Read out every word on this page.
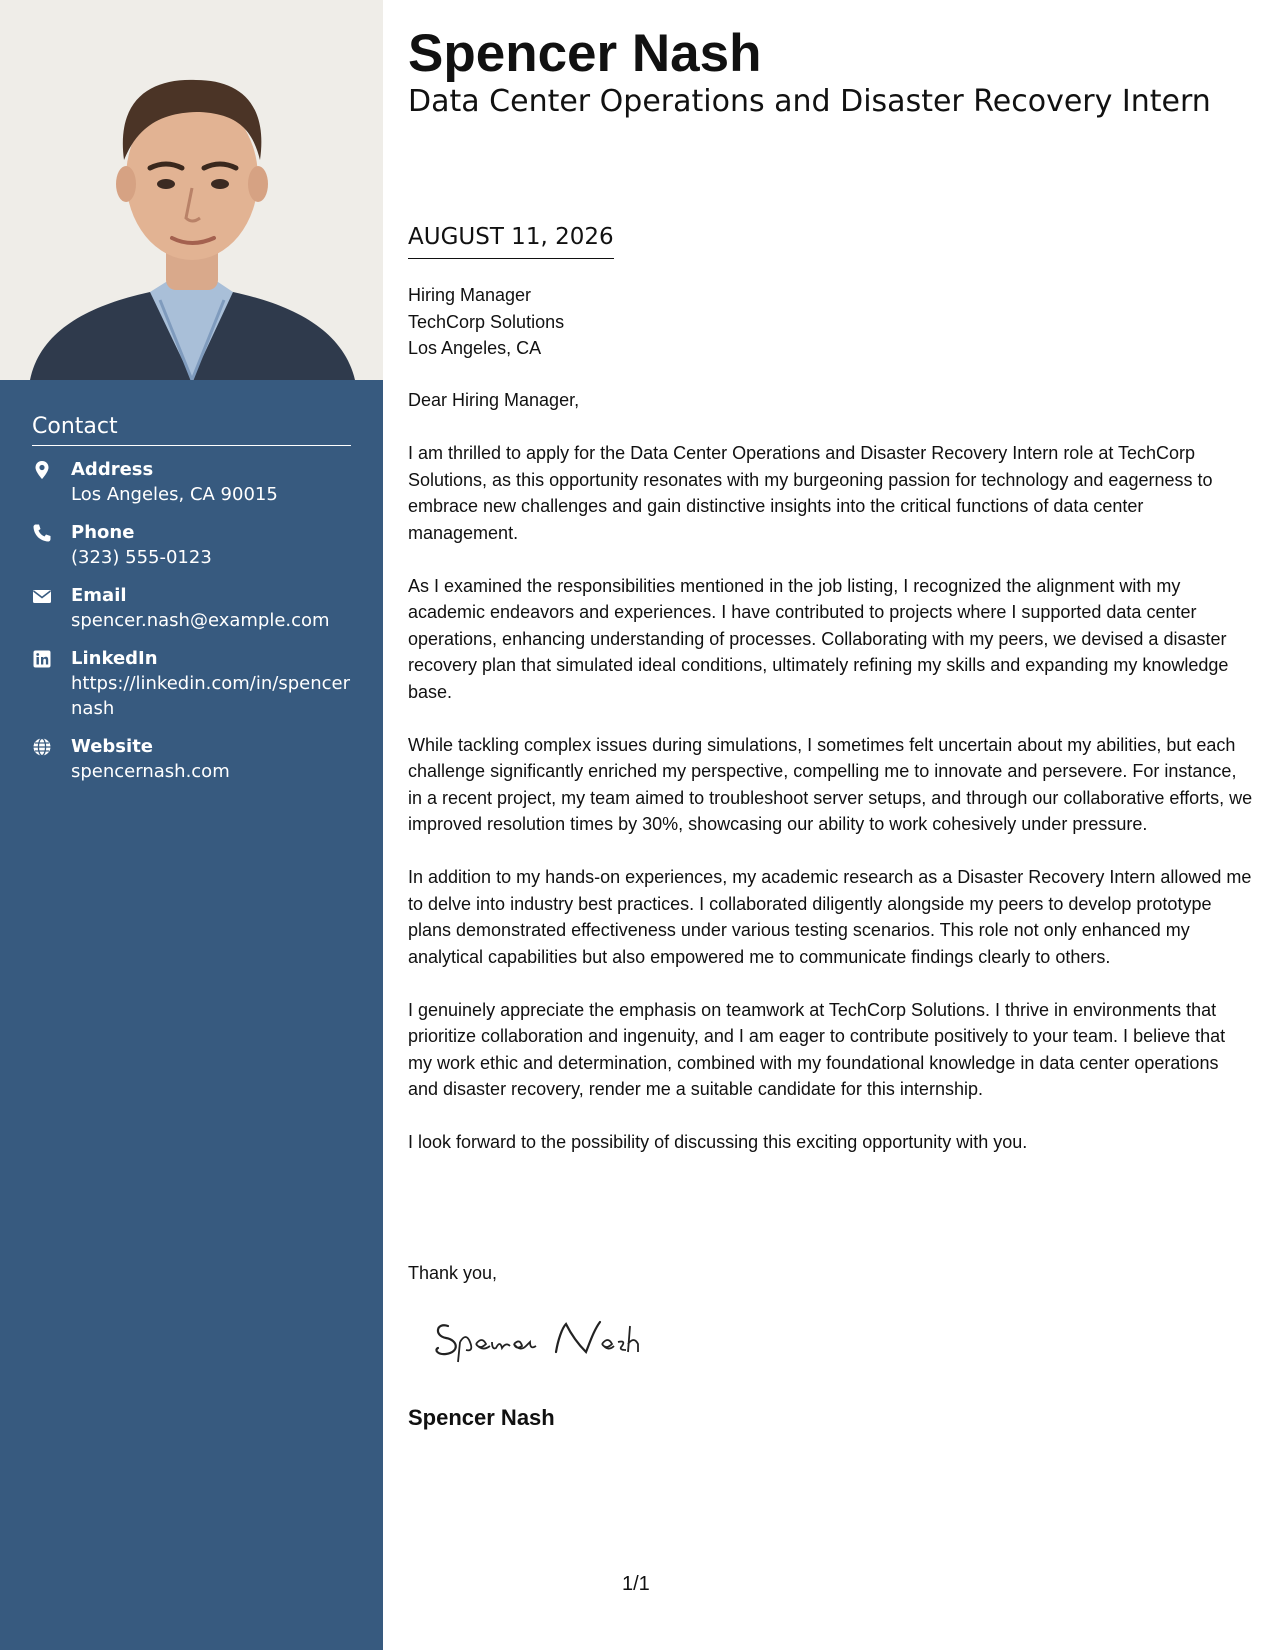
Contact
Address
Los Angeles, CA 90015
Phone
(323) 555-0123
Email
spencer.nash@example.com
LinkedIn
https://linkedin.com/in/spencernash
Website
spencernash.com
Spencer Nash
Data Center Operations and Disaster Recovery Intern
AUGUST 11, 2026
Hiring Manager
TechCorp Solutions
Los Angeles, CA

Dear Hiring Manager,

I am thrilled to apply for the Data Center Operations and Disaster Recovery Intern role at TechCorp Solutions, as this opportunity resonates with my burgeoning passion for technology and eagerness to embrace new challenges and gain distinctive insights into the critical functions of data center management.

As I examined the responsibilities mentioned in the job listing, I recognized the alignment with my academic endeavors and experiences. I have contributed to projects where I supported data center operations, enhancing understanding of processes. Collaborating with my peers, we devised a disaster recovery plan that simulated ideal conditions, ultimately refining my skills and expanding my knowledge base.

While tackling complex issues during simulations, I sometimes felt uncertain about my abilities, but each challenge significantly enriched my perspective, compelling me to innovate and persevere. For instance, in a recent project, my team aimed to troubleshoot server setups, and through our collaborative efforts, we improved resolution times by 30%, showcasing our ability to work cohesively under pressure.

In addition to my hands-on experiences, my academic research as a Disaster Recovery Intern allowed me to delve into industry best practices. I collaborated diligently alongside my peers to develop prototype plans demonstrated effectiveness under various testing scenarios. This role not only enhanced my analytical capabilities but also empowered me to communicate findings clearly to others.

I genuinely appreciate the emphasis on teamwork at TechCorp Solutions. I thrive in environments that prioritize collaboration and ingenuity, and I am eager to contribute positively to your team. I believe that my work ethic and determination, combined with my foundational knowledge in data center operations and disaster recovery, render me a suitable candidate for this internship.

I look forward to the possibility of discussing this exciting opportunity with you.

Thank you,
Spencer Nash
1/1
